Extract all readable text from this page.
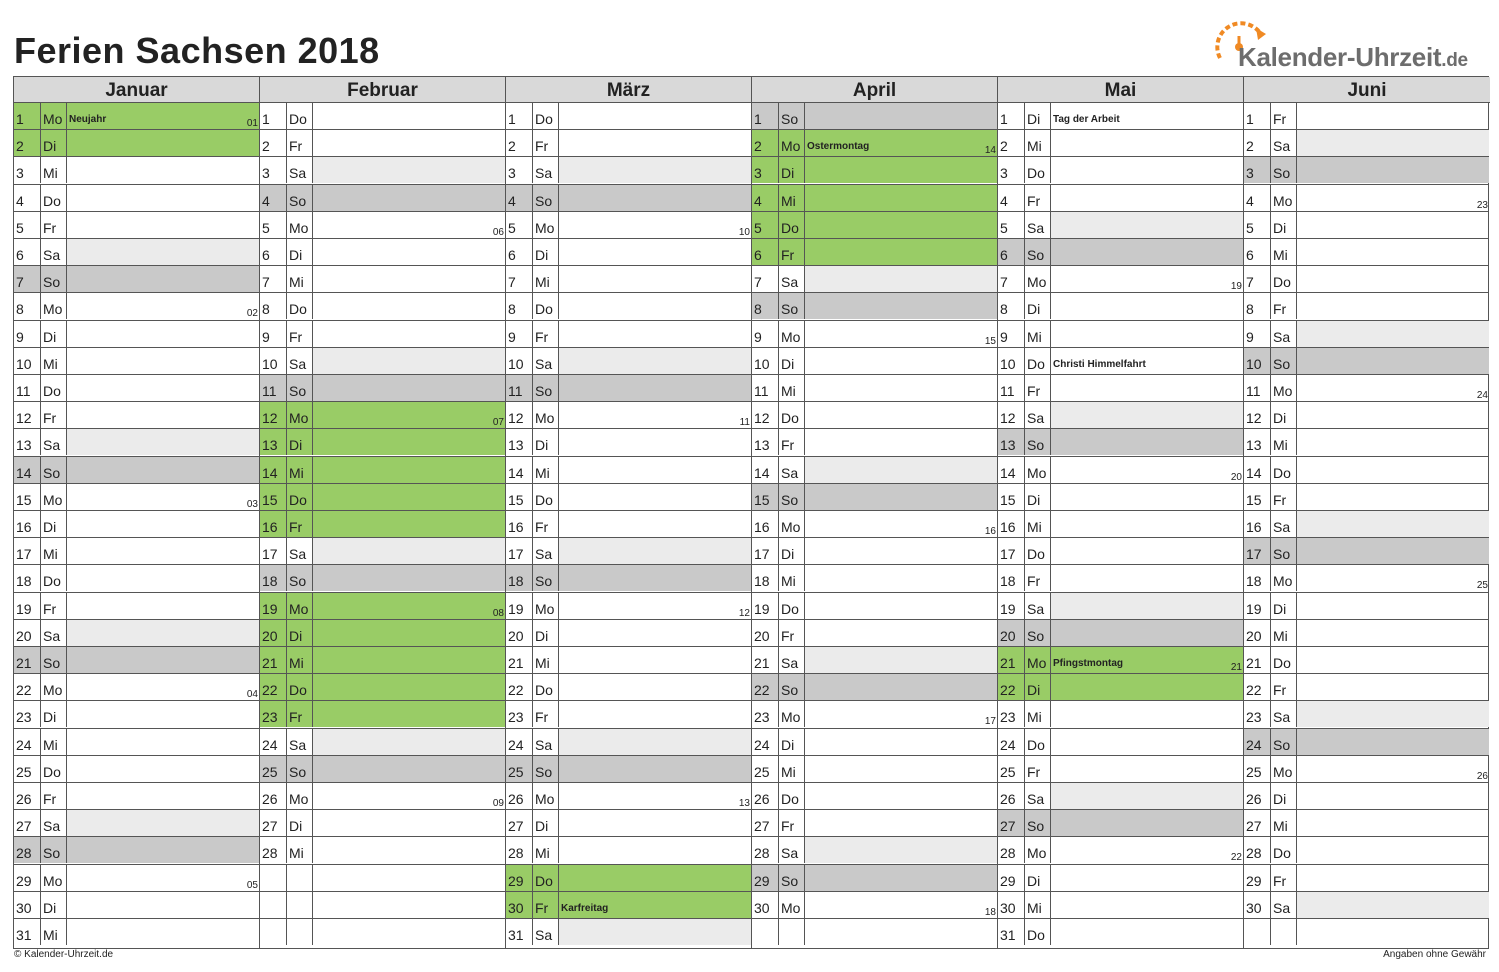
Ferien Sachsen 2018	Kalender-Uhrzeit.de
Januar
1	Mo Neujahr	01
2	Di
3	Mi
4	Do
5	Fr
6	Sa
7	So
8	Mo	02
9	Di
10 Mi
11 Do
12 Fr
13 Sa
14 So
15 Mo	03
16 Di
17 Mi
18 Do
19 Fr
20 Sa
21 So
22 Mo	04
23 Di
24 Mi
25 Do
26 Fr
27 Sa
28 So
29 Mo	05
30 Di
31 Mi
Februar
1	Do
2	Fr
3	Sa
4	So
5	Mo	06
6	Di
7	Mi
8	Do
9	Fr
10 Sa
11 So
12 Mo	07
13 Di
14 Mi
15 Do
16 Fr
17 Sa
18 So
19 Mo	08
20 Di
21 Mi
22 Do
23 Fr
24 Sa
25 So
26 Mo	09
27 Di
28 Mi
März
1	Do
2	Fr
3	Sa
4	So
5	Mo	10
6	Di
7	Mi
8	Do
9	Fr
10 Sa
11 So
12 Mo	11
13 Di
14 Mi
15 Do
16 Fr
17 Sa
18 So
19 Mo	12
20 Di
21 Mi
22 Do
23 Fr
24 Sa
25 So
26 Mo	13
27 Di
28 Mi
29 Do
30 Fr	Karfreitag
31 Sa
April
1	So
2	Mo Ostermontag	14
3	Di
4	Mi
5	Do
6	Fr
7	Sa
8	So
9	Mo	15
10 Di
11 Mi
12 Do
13 Fr
14 Sa
15 So
16 Mo	16
17 Di
18 Mi
19 Do
20 Fr
21 Sa
22 So
23 Mo	17
24 Di
25 Mi
26 Do
27 Fr
28 Sa
29 So
30 Mo	18
Mai
1	Di	Tag der Arbeit
2	Mi
3	Do
4	Fr
5	Sa
6	So
7	Mo	19
8	Di
9	Mi
10 Do Christi Himmelfahrt
11 Fr
12 Sa
13 So
14 Mo	20
15 Di
16 Mi
17 Do
18 Fr
19 Sa
20 So
21 Mo Pfingstmontag	21
22 Di
23 Mi
24 Do
25 Fr
26 Sa
27 So
28 Mo	22
29 Di
30 Mi
31 Do
Juni
1	Fr
2	Sa
3	So
4	Mo	23
5	Di
6	Mi
7	Do
8	Fr
9	Sa
10 So
11 Mo	24
12 Di
13 Mi
14 Do
15 Fr
16 Sa
17 So
18 Mo	25
19 Di
20 Mi
21 Do
22 Fr
23 Sa
24 So
25 Mo	26
26 Di
27 Mi
28 Do
29 Fr
30 Sa
© Kalender-Uhrzeit.de	Angaben ohne Gewähr
